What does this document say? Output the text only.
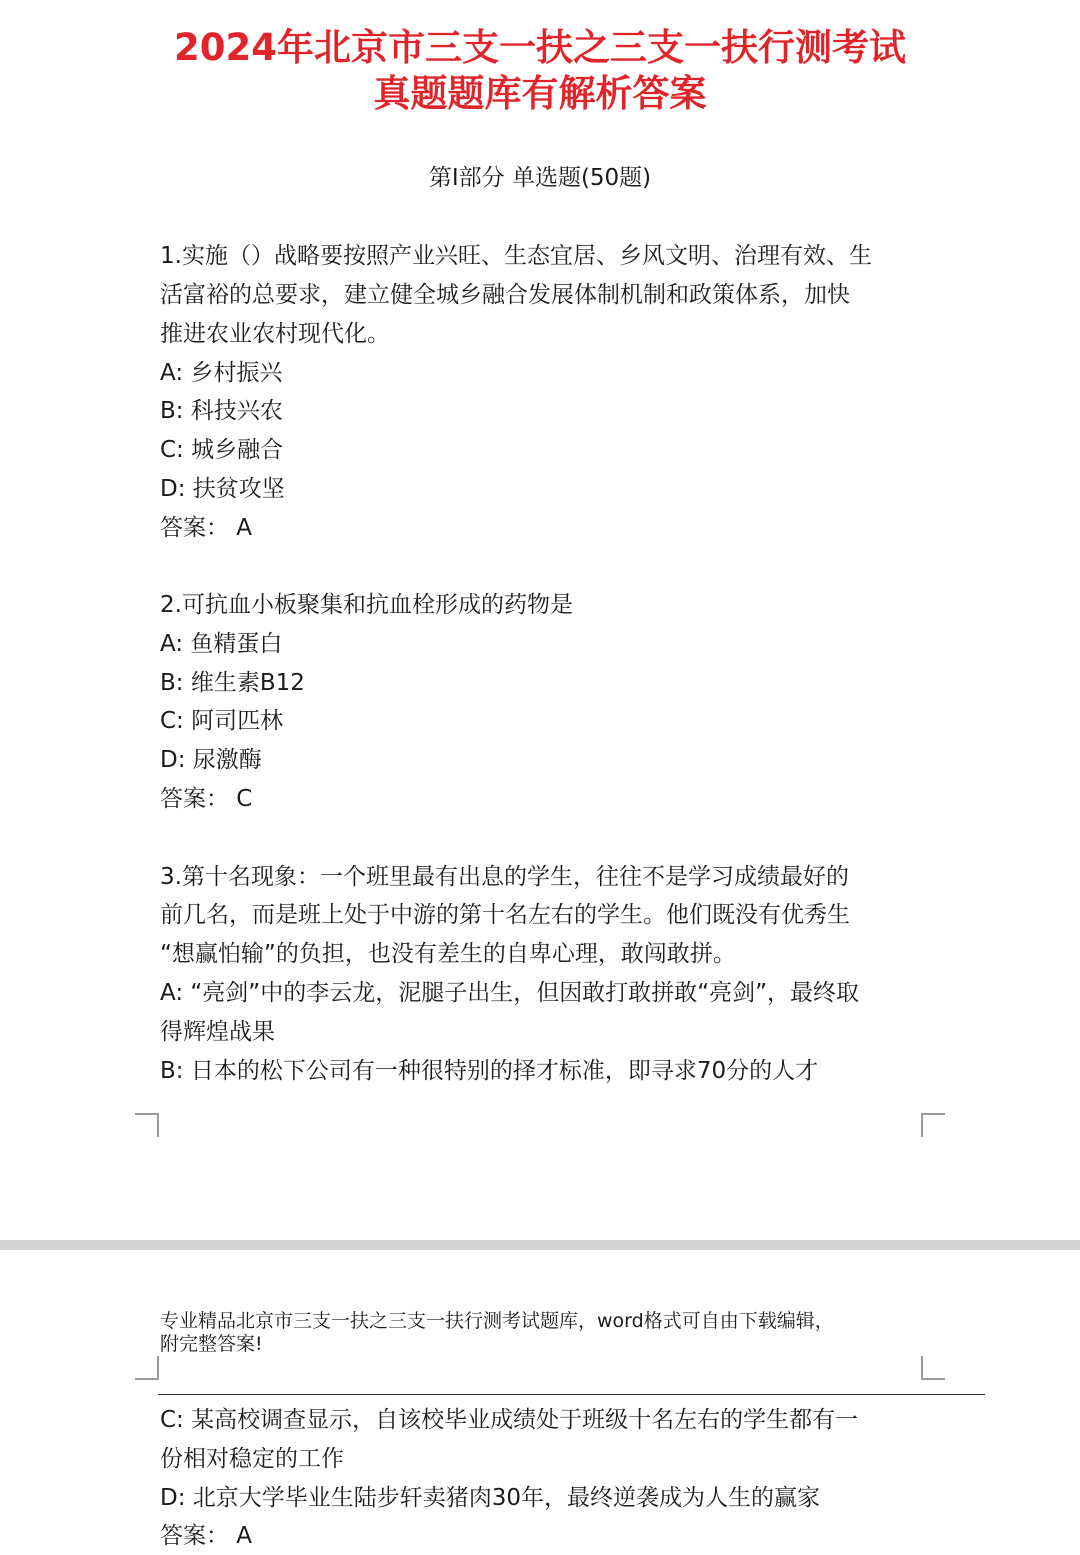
2024年北京市三支一扶之三支一扶行测考试
真题题库有解析答案
第I部分 单选题(50题)
1.实施（）战略要按照产业兴旺、生态宜居、乡风文明、治理有效、生
活富裕的总要求，建立健全城乡融合发展体制机制和政策体系，加快
推进农业农村现代化。
A: 乡村振兴
B: 科技兴农
C: 城乡融合
D: 扶贫攻坚
答案： A
2.可抗血小板聚集和抗血栓形成的药物是
A: 鱼精蛋白
B: 维生素B12
C: 阿司匹林
D: 尿激酶
答案： C
3.第十名现象：一个班里最有出息的学生，往往不是学习成绩最好的
前几名，而是班上处于中游的第十名左右的学生。他们既没有优秀生
“想赢怕输”的负担，也没有差生的自卑心理，敢闯敢拼。
A: “亮剑”中的李云龙，泥腿子出生，但因敢打敢拼敢“亮剑”，最终取
得辉煌战果
B: 日本的松下公司有一种很特别的择才标准，即寻求70分的人才
专业精品北京市三支一扶之三支一扶行测考试题库，word格式可自由下载编辑，
附完整答案!
C: 某高校调查显示，自该校毕业成绩处于班级十名左右的学生都有一
份相对稳定的工作
D: 北京大学毕业生陆步轩卖猪肉30年，最终逆袭成为人生的赢家
答案： A
